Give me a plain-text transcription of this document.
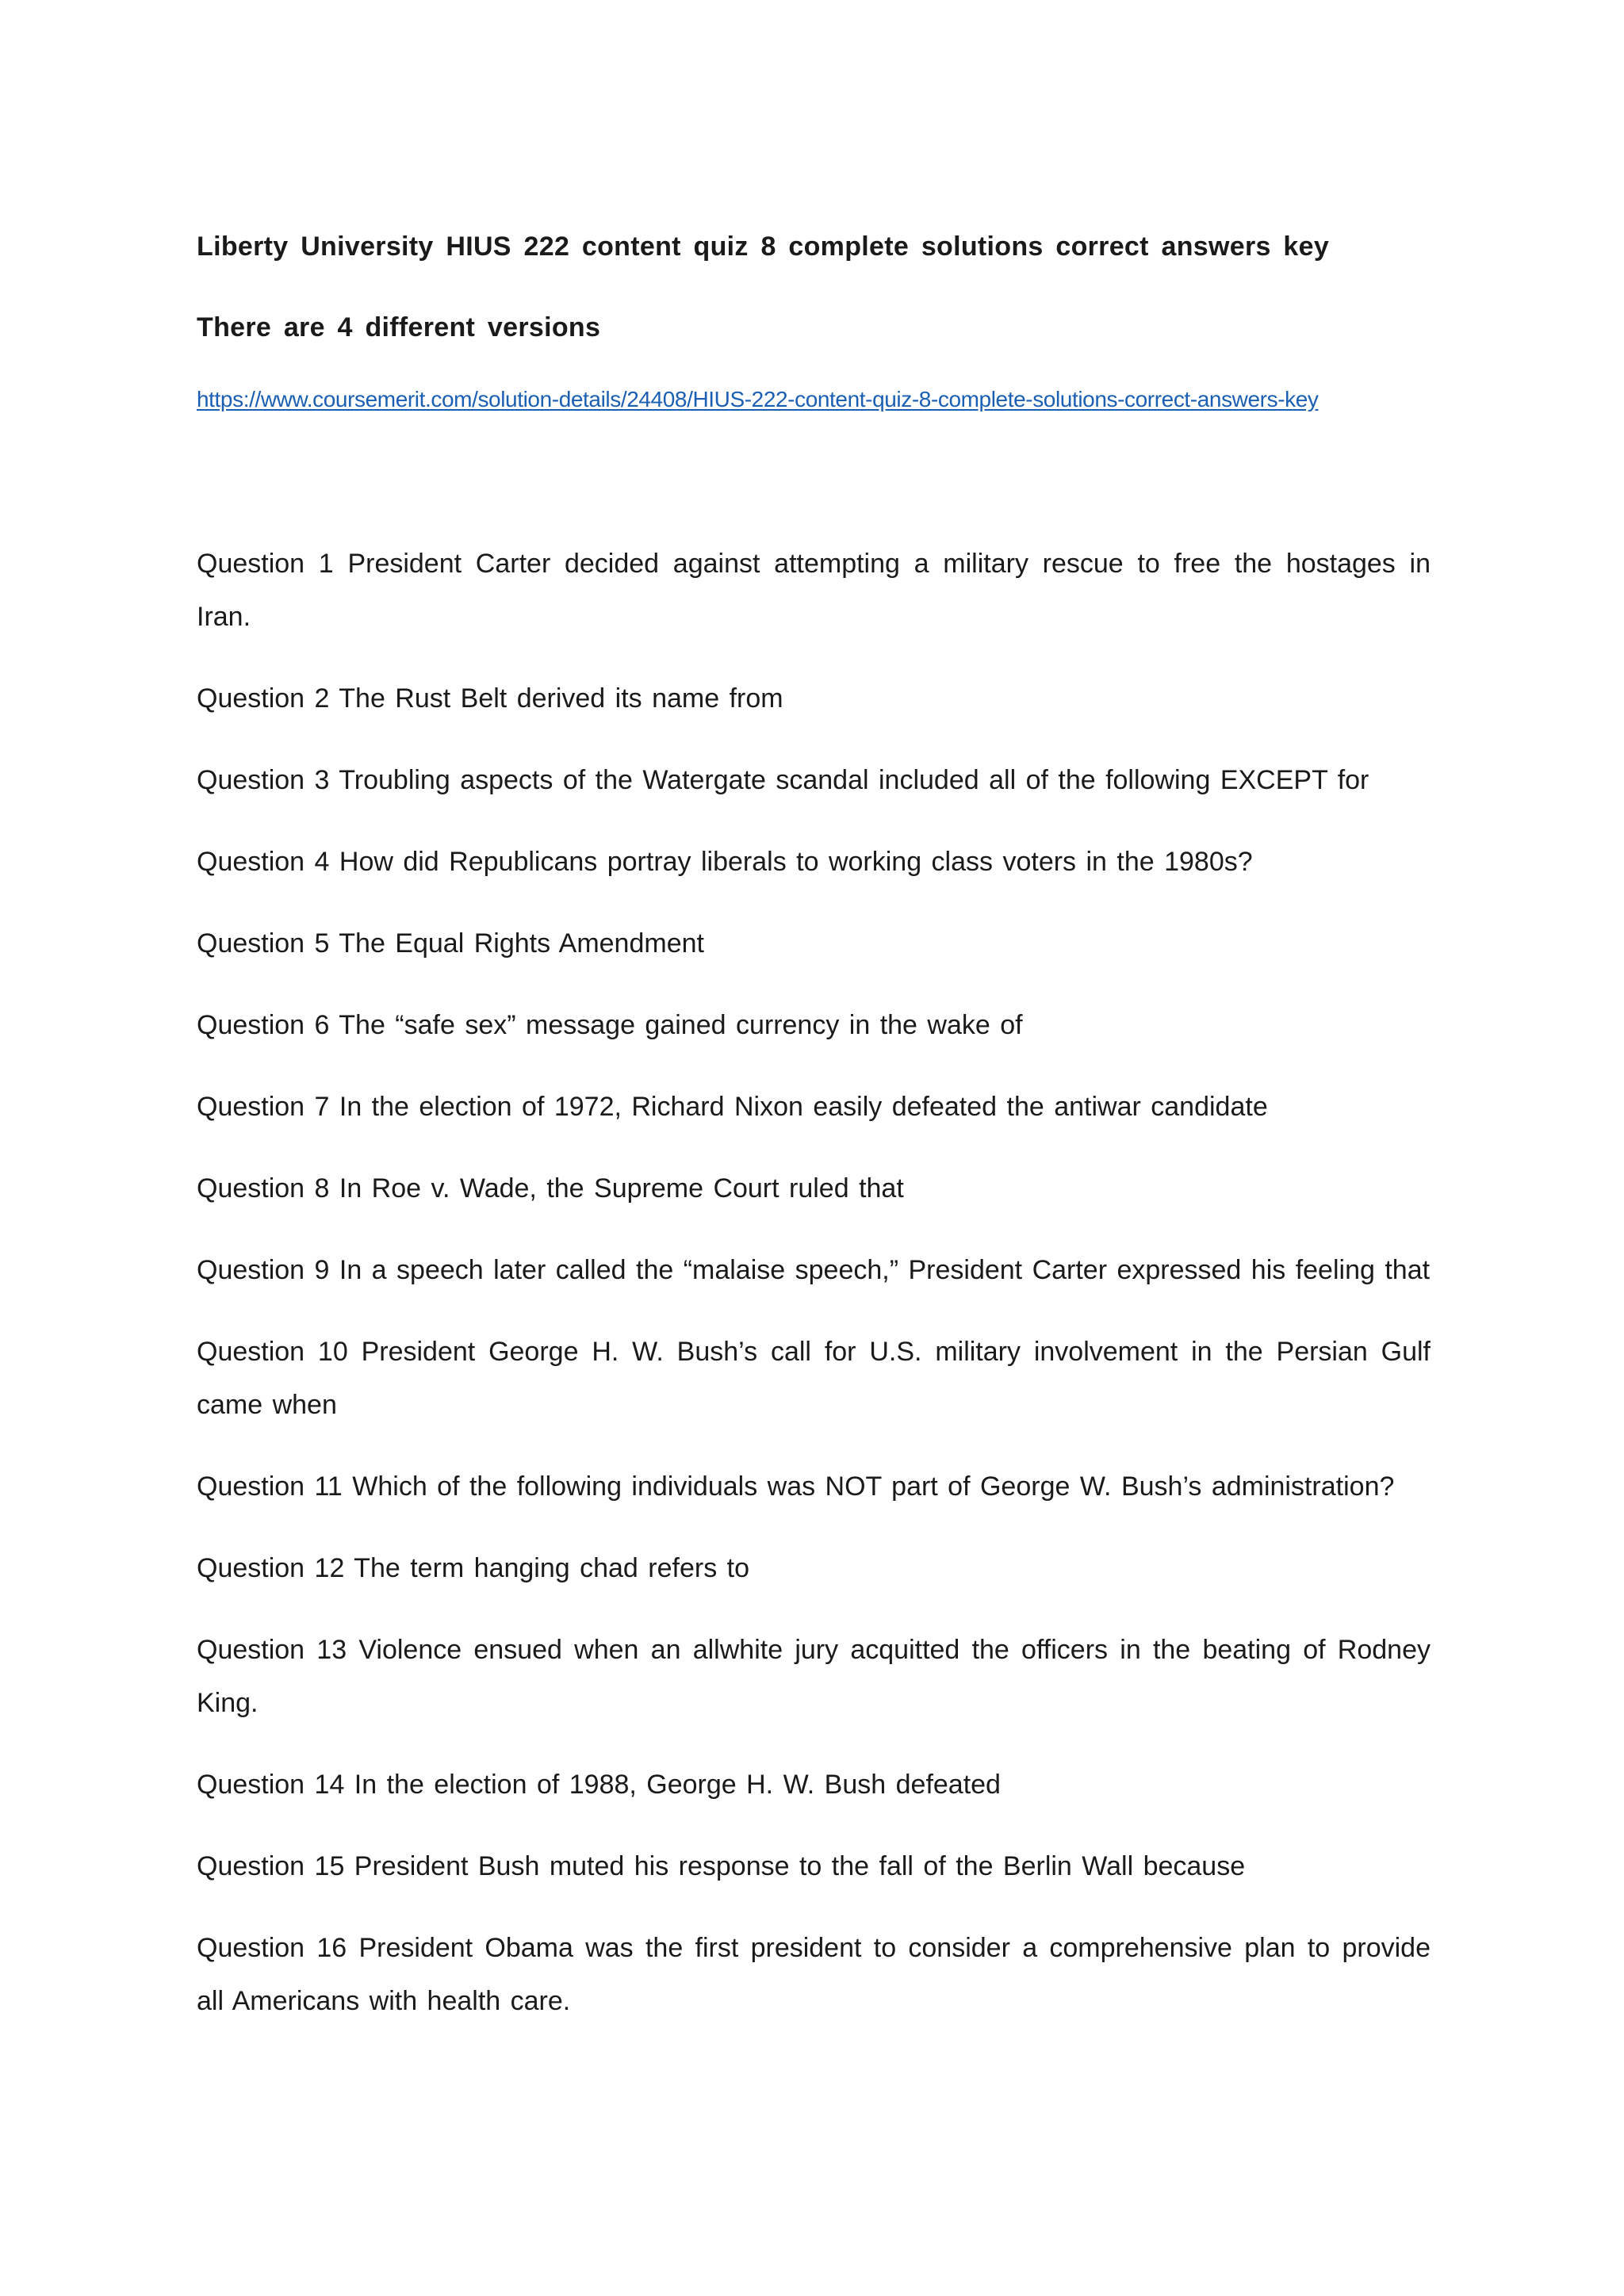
Liberty University HIUS 222 content quiz 8 complete solutions correct answers key

There are 4 different versions

https://www.coursemerit.com/solution-details/24408/HIUS-222-content-quiz-8-complete-solutions-correct-answers-key
Question 1 President Carter decided against attempting a military rescue to free the hostages in Iran.
Question 2 The Rust Belt derived its name from
Question 3 Troubling aspects of the Watergate scandal included all of the following EXCEPT for
Question 4 How did Republicans portray liberals to working class voters in the 1980s?
Question 5 The Equal Rights Amendment
Question 6 The “safe sex” message gained currency in the wake of
Question 7 In the election of 1972, Richard Nixon easily defeated the antiwar candidate
Question 8 In Roe v. Wade, the Supreme Court ruled that
Question 9 In a speech later called the “malaise speech,” President Carter expressed his feeling that
Question 10 President George H. W. Bush’s call for U.S. military involvement in the Persian Gulf came when
Question 11 Which of the following individuals was NOT part of George W. Bush’s administration?
Question 12 The term hanging chad refers to
Question 13 Violence ensued when an allwhite jury acquitted the officers in the beating of Rodney King.
Question 14 In the election of 1988, George H. W. Bush defeated
Question 15 President Bush muted his response to the fall of the Berlin Wall because
Question 16 President Obama was the first president to consider a comprehensive plan to provide all Americans with health care.
